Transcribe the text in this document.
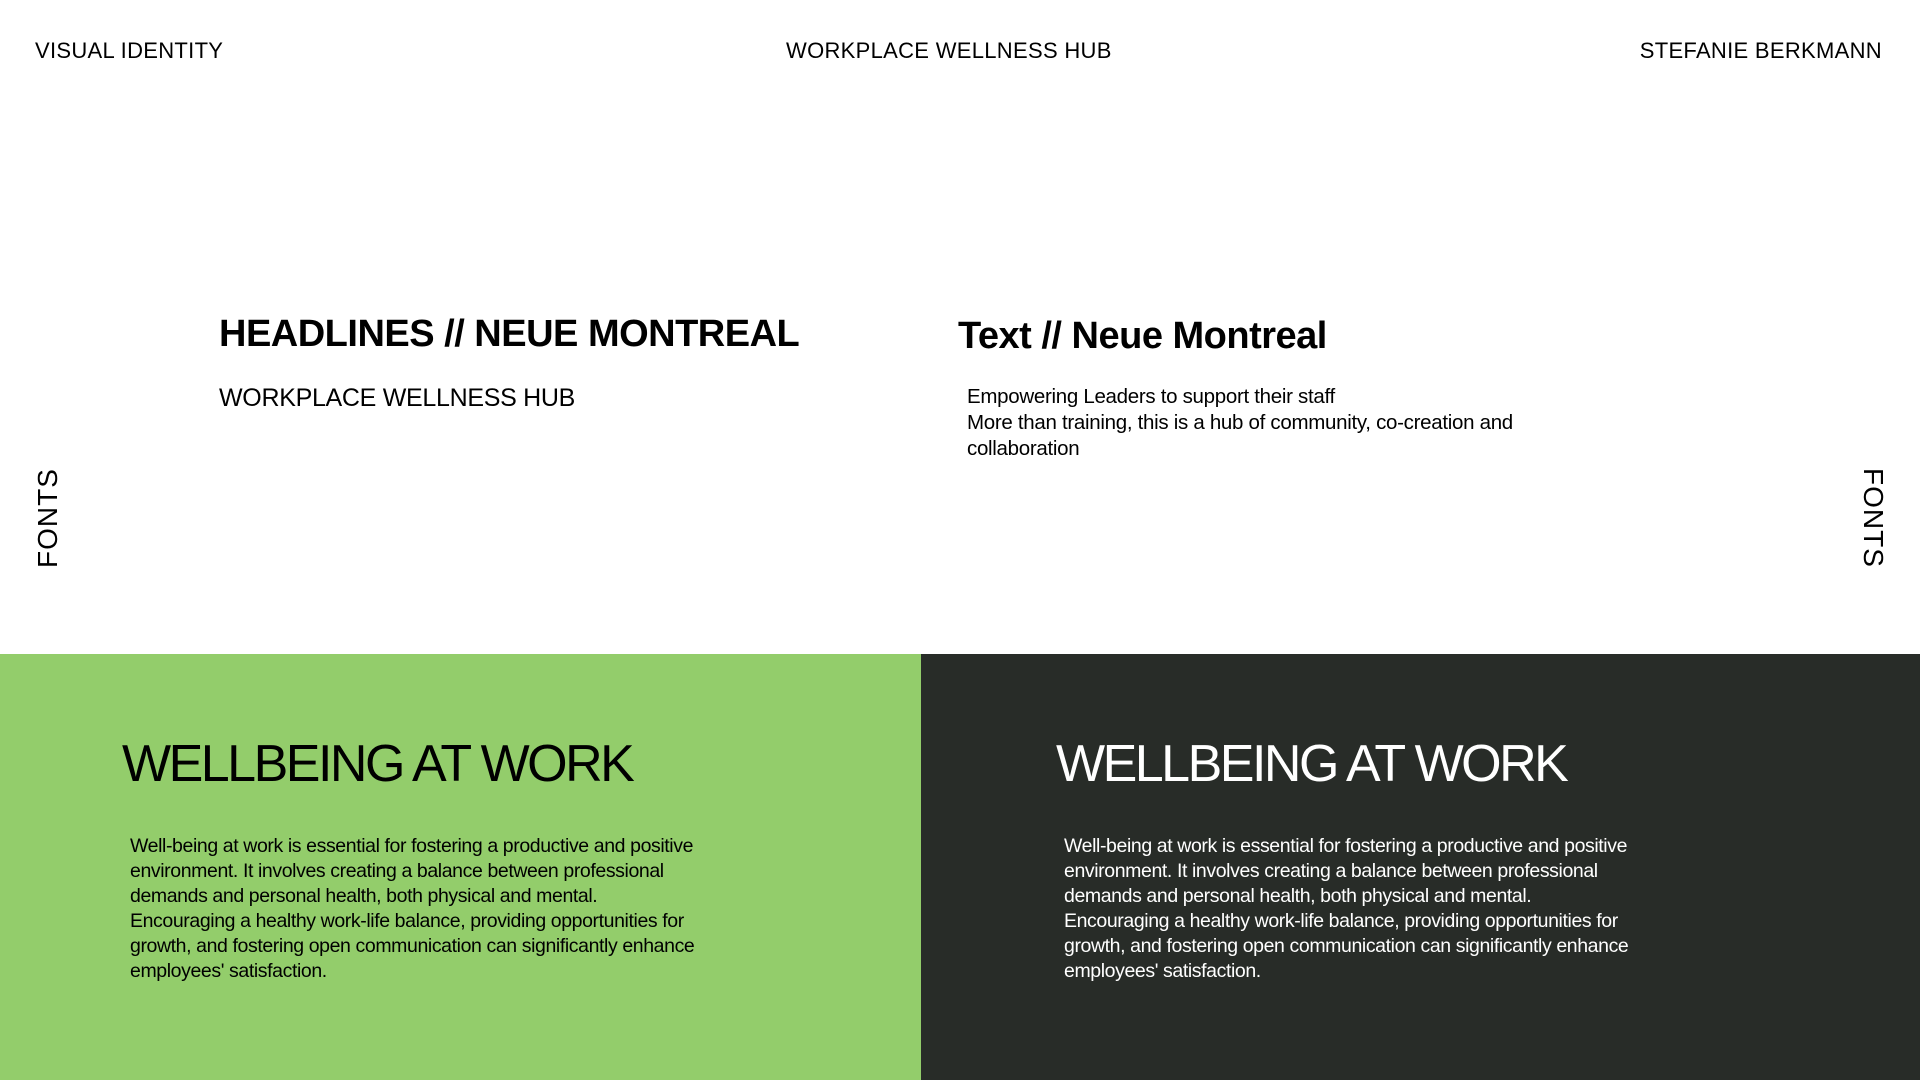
VISUAL IDENTITY	WORKPLACE WELLNESS HUB	STEFANIE BERKMANN
FONTS	FONTS
HEADLINES // NEUE MONTREAL
WORKPLACE WELLNESS HUB
Text // Neue Montreal
Empowering Leaders to support their staff
More than training, this is a hub of community, co-creation and
collaboration
WELLBEING AT WORK
Well-being at work is essential for fostering a productive and positive
environment. It involves creating a balance between professional
demands and personal health, both physical and mental.
Encouraging a healthy work-life balance, providing opportunities for
growth, and fostering open communication can significantly enhance
employees' satisfaction.
WELLBEING AT WORK
Well-being at work is essential for fostering a productive and positive
environment. It involves creating a balance between professional
demands and personal health, both physical and mental.
Encouraging a healthy work-life balance, providing opportunities for
growth, and fostering open communication can significantly enhance
employees' satisfaction.
